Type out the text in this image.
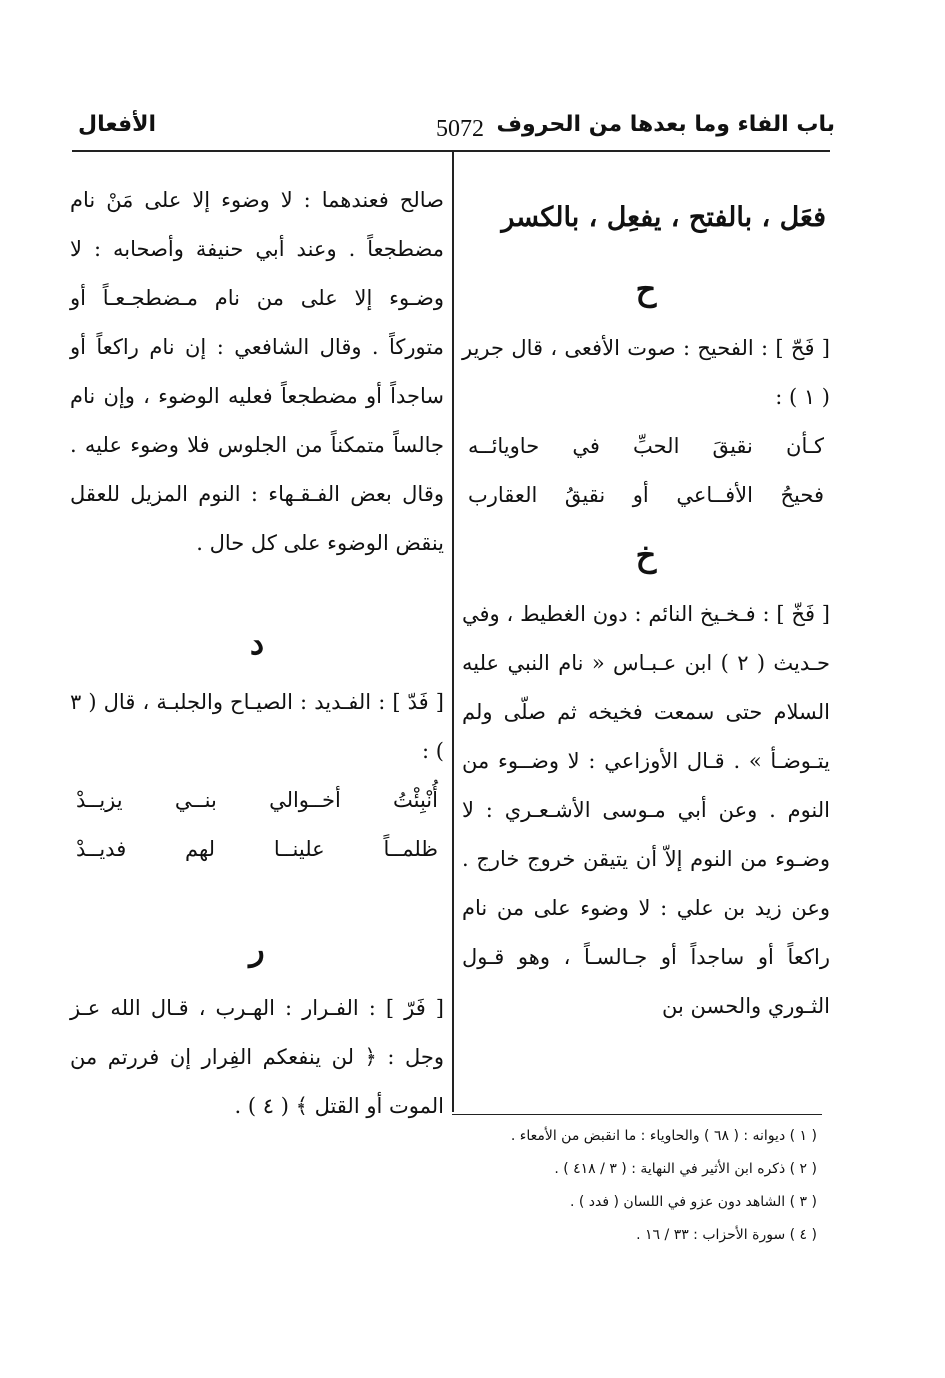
باب الفاء وما بعدها من الحروف
5072
الأفعال
فعَل ، بالفتح ، يفعِل ، بالكسر
ح

[ فَحّ ] : الفحيح : صوت الأفعى ، قال جرير ( ١ ) :

كـأن نقيقَ الحبِّ في حاويائــه
فحيحُ الأفــاعي أو نقيقُ العقارب
خ

[ فَخّ ] : فـخـيخ النائم : دون الغطيط ، وفي حـديث ( ٢ ) ابن عـبـاس « نام النبي عليه السلام حتى سمعت فخيخه ثم صلّى ولم يتـوضـأ » . قـال الأوزاعي : لا وضــوء من النوم . وعن أبي مـوسى الأشـعـري : لا وضـوء من النوم إلاّ أن يتيقن خروج خارج . وعن زيد بن علي : لا وضوء على من نام راكعاً أو ساجداً أو جـالسـاً ، وهو قـول الثـوري والحسن بن

صالح فعندهما : لا وضوء إلا على مَنْ نام مضطجعاً . وعند أبي حنيفة وأصحابه : لا وضـوء إلا على من نام مـضطجـعـاً أو متوركاً . وقال الشافعي : إن نام راكعاً أو ساجداً أو مضطجعاً فعليه الوضوء ، وإن نام جالساً متمكناً من الجلوس فلا وضوء عليه . وقال بعض الفـقـهاء : النوم المزيل للعقل ينقض الوضوء على كل حال .

د

[ فَدّ ] : الفـديد : الصيـاح والجلبـة ، قال ( ٣ ) :

أُنْبِئْتُ أخــوالي بنــي يزيــدْ
ظلمــاً علينــا لهم فديــدْ
ر

[ فَرّ ] : الفـرار : الهـرب ، قـال الله عـز وجل : ﴿ لن ينفعكم الفِرار إن فررتم من الموت أو القتل ﴾ ( ٤ ) .

( ١ ) ديوانه : ( ٦٨ ) والحاوياء : ما انقبض من الأمعاء .
( ٢ ) ذكره ابن الأثير في النهاية : ( ٣ / ٤١٨ ) .
( ٣ ) الشاهد دون عزو في اللسان ( فدد ) .
( ٤ ) سورة الأحزاب : ٣٣ / ١٦ .
